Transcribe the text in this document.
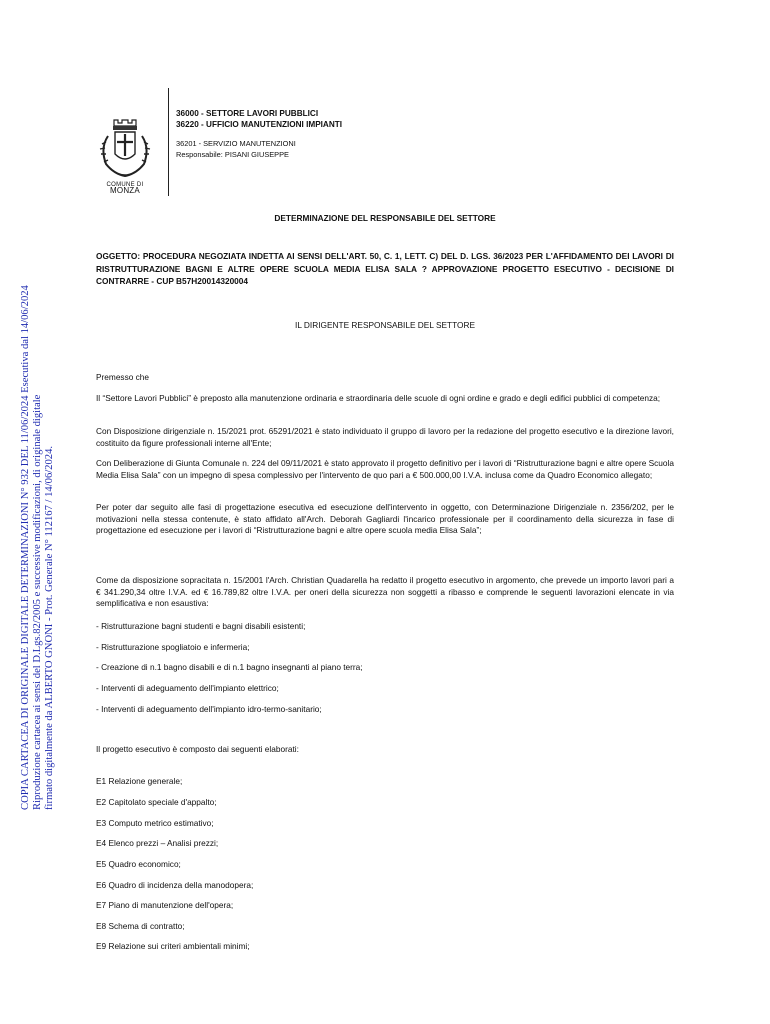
COPIA CARTACEA DI ORIGINALE DIGITALE DETERMINAZIONI N° 932 DEL 11/06/2024 Esecutiva dal 14/06/2024 Riproduzione cartacea ai sensi del D.Lgs.82/2005 e successive modificazioni, di originale digitale firmato digitalmente da ALBERTO GNONI - Prot. Generale N° 112167 / 14/06/2024.
COMUNE DI
MONZA
36000 - SETTORE LAVORI PUBBLICI
36220 - UFFICIO MANUTENZIONI IMPIANTI
36201 - SERVIZIO MANUTENZIONI
Responsabile: PISANI GIUSEPPE
DETERMINAZIONE DEL RESPONSABILE DEL SETTORE
OGGETTO: PROCEDURA NEGOZIATA INDETTA AI SENSI DELL'ART. 50, C. 1, LETT. C) DEL D. LGS. 36/2023 PER L'AFFIDAMENTO DEI LAVORI DI RISTRUTTURAZIONE BAGNI E ALTRE OPERE SCUOLA MEDIA ELISA SALA ? APPROVAZIONE PROGETTO ESECUTIVO - DECISIONE DI CONTRARRE - CUP B57H20014320004
IL DIRIGENTE RESPONSABILE DEL SETTORE

Premesso che

Il “Settore Lavori Pubblici” è preposto alla manutenzione ordinaria e straordinaria delle scuole di ogni ordine e grado e degli edifici pubblici di competenza;

Con Disposizione dirigenziale n. 15/2021 prot. 65291/2021 è stato individuato il gruppo di lavoro per la redazione del progetto esecutivo e la direzione lavori, costituito da figure professionali interne all'Ente;

Con Deliberazione di Giunta Comunale n. 224 del 09/11/2021 è stato approvato il progetto definitivo per i lavori di “Ristrutturazione bagni e altre opere Scuola Media Elisa Sala” con un impegno di spesa complessivo per l'intervento de quo pari a € 500.000,00 I.V.A. inclusa come da Quadro Economico allegato;

Per poter dar seguito alle fasi di progettazione esecutiva ed esecuzione dell'intervento in oggetto, con Determinazione Dirigenziale n. 2356/202, per le motivazioni nella stessa contenute, è stato affidato all'Arch. Deborah Gagliardi l'incarico professionale per il coordinamento della sicurezza in fase di progettazione ed esecuzione per i lavori di “Ristrutturazione bagni e altre opere scuola media Elisa Sala”;

Come da disposizione sopracitata n. 15/2001 l'Arch. Christian Quadarella ha redatto il progetto esecutivo in argomento, che prevede un importo lavori pari a € 341.290,34 oltre I.V.A. ed € 16.789,82 oltre I.V.A. per oneri della sicurezza non soggetti a ribasso e comprende le seguenti lavorazioni elencate in via semplificativa e non esaustiva:

- Ristrutturazione bagni studenti e bagni disabili esistenti;

- Ristrutturazione spogliatoio e infermeria;

- Creazione di n.1 bagno disabili e di n.1 bagno insegnanti al piano terra;

- Interventi di adeguamento dell'impianto elettrico;

- Interventi di adeguamento dell'impianto idro-termo-sanitario;

Il progetto esecutivo è composto dai seguenti elaborati:

E1 Relazione generale;

E2 Capitolato speciale d'appalto;

E3 Computo metrico estimativo;

E4 Elenco prezzi – Analisi prezzi;

E5 Quadro economico;

E6 Quadro di incidenza della manodopera;

E7 Piano di manutenzione dell'opera;

E8 Schema di contratto;

E9 Relazione sui criteri ambientali minimi;
